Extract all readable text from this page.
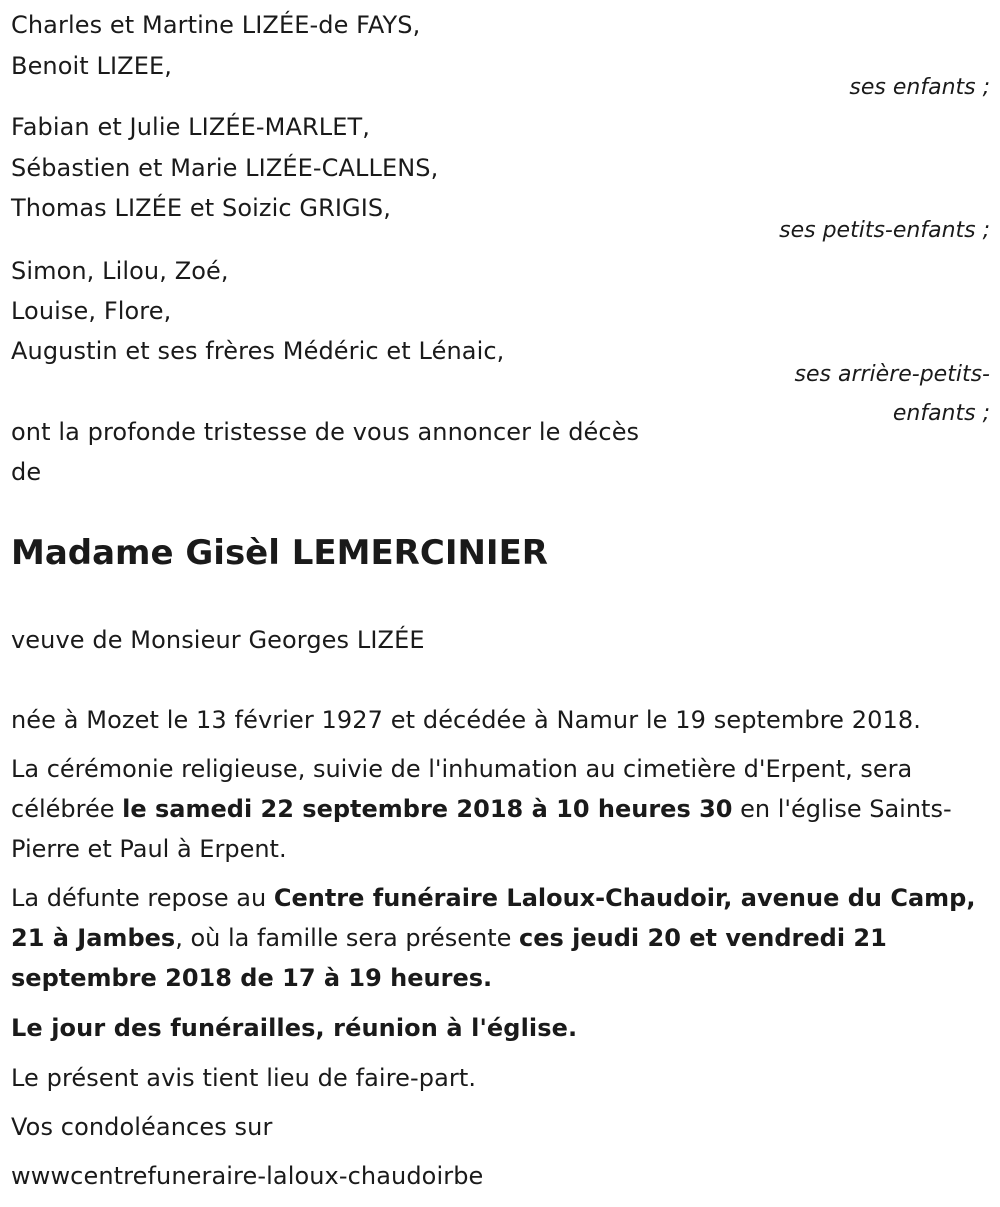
Charles et Martine LIZÉE-de FAYS,
Benoit LIZEE,
ses enfants ;
Fabian et Julie LIZÉE-MARLET,
Sébastien et Marie LIZÉE-CALLENS,
Thomas LIZÉE et Soizic GRIGIS,
ses petits-enfants ;
Simon, Lilou, Zoé,
Louise, Flore,
Augustin et ses frères Médéric et Lénaic,
ses arrière-petits-
enfants ;
ont la profonde tristesse de vous annoncer le décès
de
Madame Gisèl LEMERCINIER
veuve de Monsieur Georges LIZÉE
née à Mozet le 13 février 1927 et décédée à Namur le 19 septembre 2018.
La cérémonie religieuse, suivie de l'inhumation au cimetière d'Erpent, sera célébrée le samedi 22 septembre 2018 à 10 heures 30 en l'église Saints-Pierre et Paul à Erpent.
La défunte repose au Centre funéraire Laloux-Chaudoir, avenue du Camp, 21 à Jambes, où la famille sera présente ces jeudi 20 et vendredi 21 septembre 2018 de 17 à 19 heures.
Le jour des funérailles, réunion à l'église.
Le présent avis tient lieu de faire-part.
Vos condoléances sur
wwwcentrefuneraire-laloux-chaudoirbe
